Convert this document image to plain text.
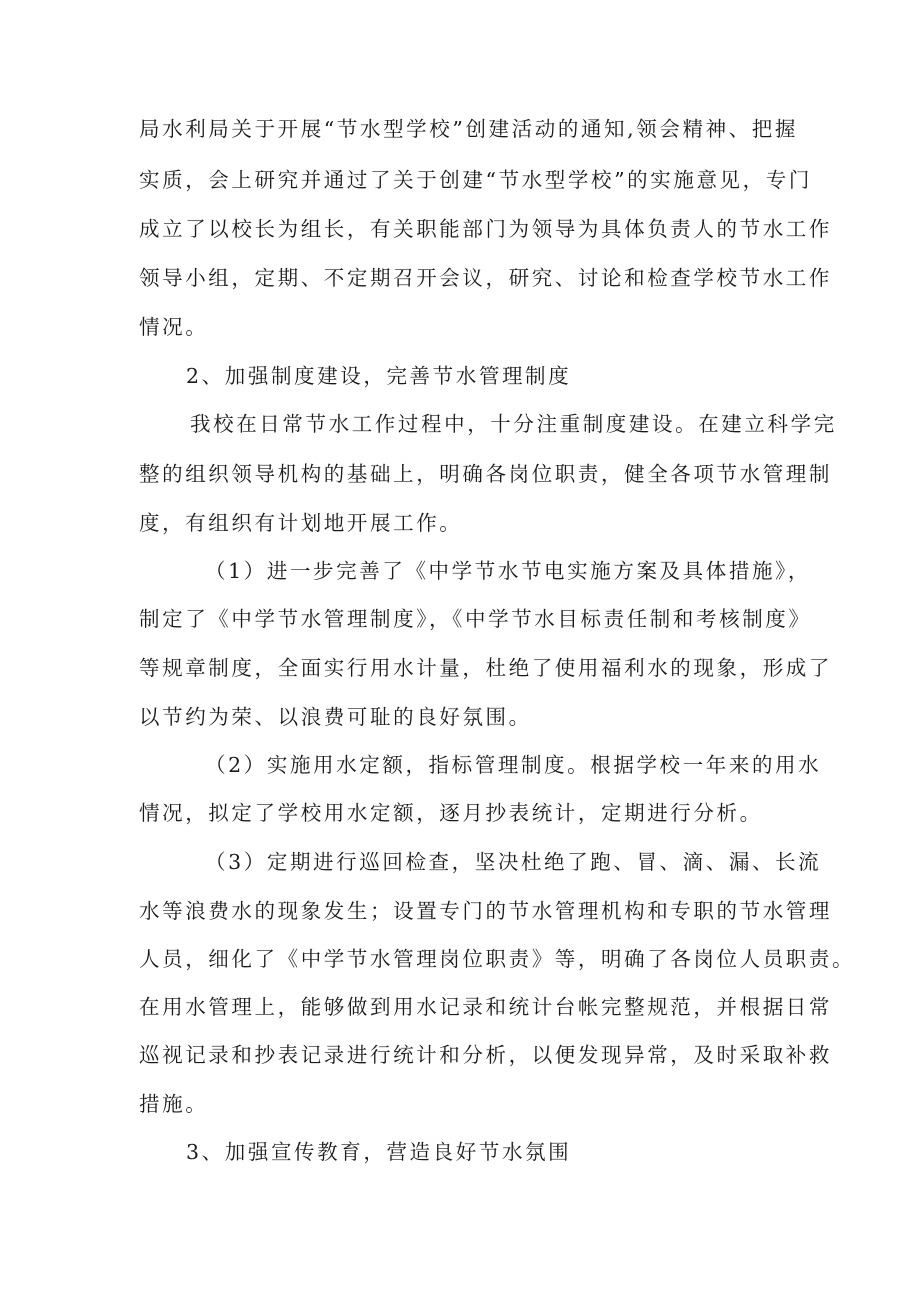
局水利局关于开展“节水型学校”创建活动的通知,领会精神、把握
实质，会上研究并通过了关于创建“节水型学校”的实施意见，专门
成立了以校长为组长，有关职能部门为领导为具体负责人的节水工作
领导小组，定期、不定期召开会议，研究、讨论和检查学校节水工作
情况。
2、加强制度建设，完善节水管理制度
我校在日常节水工作过程中，十分注重制度建设。在建立科学完
整的组织领导机构的基础上，明确各岗位职责，健全各项节水管理制
度，有组织有计划地开展工作。
（1）进一步完善了《中学节水节电实施方案及具体措施》，
制定了《中学节水管理制度》，《中学节水目标责任制和考核制度》
等规章制度，全面实行用水计量，杜绝了使用福利水的现象，形成了
以节约为荣、以浪费可耻的良好氛围。
（2）实施用水定额，指标管理制度。根据学校一年来的用水
情况，拟定了学校用水定额，逐月抄表统计，定期进行分析。
（3）定期进行巡回检查，坚决杜绝了跑、冒、滴、漏、长流
水等浪费水的现象发生；设置专门的节水管理机构和专职的节水管理
人员，细化了《中学节水管理岗位职责》等，明确了各岗位人员职责。
在用水管理上，能够做到用水记录和统计台帐完整规范，并根据日常
巡视记录和抄表记录进行统计和分析，以便发现异常，及时采取补救
措施。
3、加强宣传教育，营造良好节水氛围
